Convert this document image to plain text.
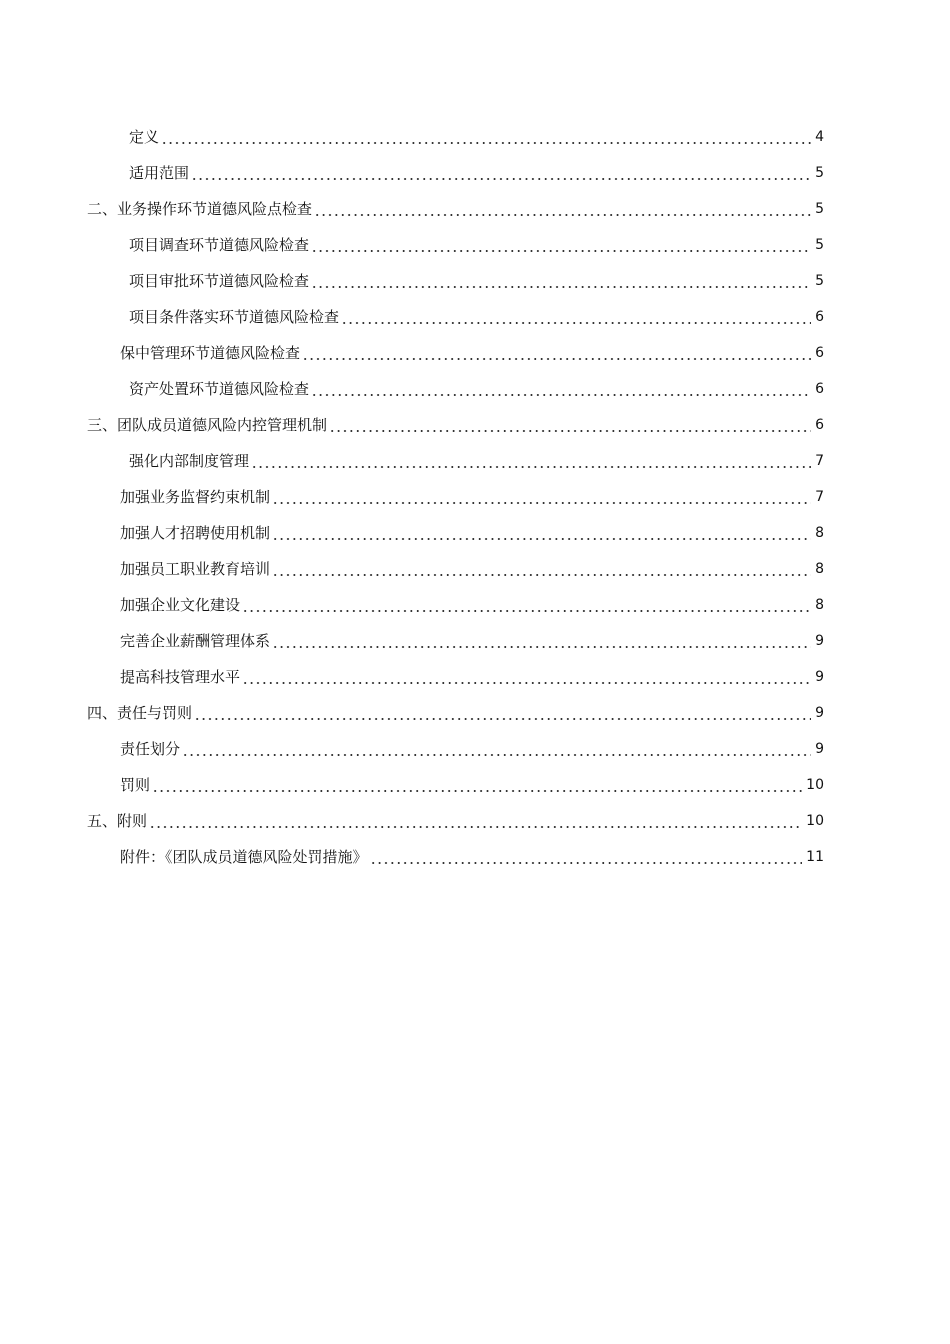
定义	4
适用范围	5
二、业务操作环节道德风险点检查	5
项目调查环节道德风险检查	5
项目审批环节道德风险检查	5
项目条件落实环节道德风险检查	6
保中管理环节道德风险检查	6
资产处置环节道德风险检查	6
三、团队成员道德风险内控管理机制	6
强化内部制度管理	7
加强业务监督约束机制	7
加强人才招聘使用机制	8
加强员工职业教育培训	8
加强企业文化建设	8
完善企业薪酬管理体系	9
提高科技管理水平	9
四、责任与罚则	9
责任划分	9
罚则	10
五、附则	10
附件：《团队成员道德风险处罚措施》	11
